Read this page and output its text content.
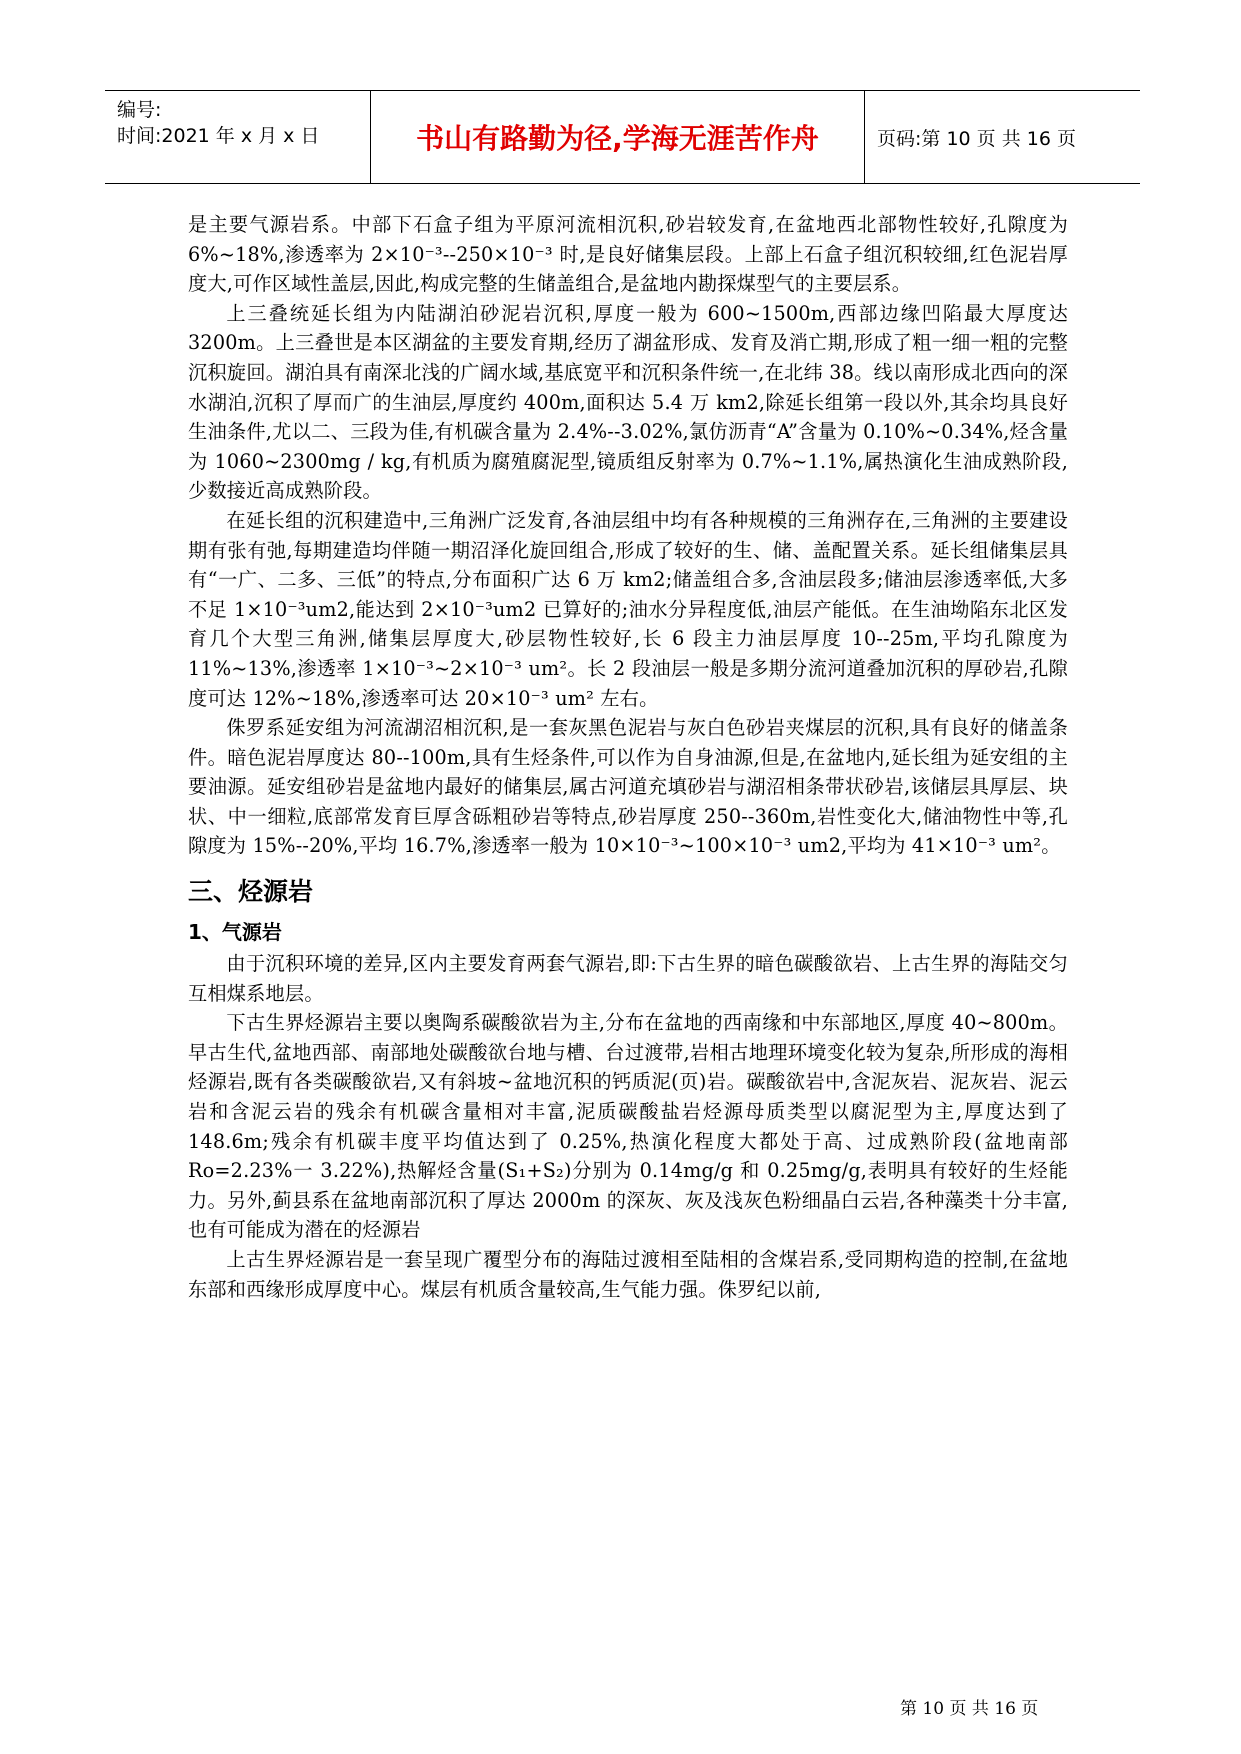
编号:
时间:2021 年 x 月 x 日	书山有路勤为径,学海无涯苦作舟	页码:第 10 页 共 16 页

是主要气源岩系。中部下石盒子组为平原河流相沉积,砂岩较发育,在盆地西北部物性较好,孔隙度为 6%~18%,渗透率为 2×10⁻³--250×10⁻³ 时,是良好储集层段。上部上石盒子组沉积较细,红色泥岩厚度大,可作区域性盖层,因此,构成完整的生储盖组合,是盆地内勘探煤型气的主要层系。

上三叠统延长组为内陆湖泊砂泥岩沉积,厚度一般为 600~1500m,西部边缘凹陷最大厚度达 3200m。上三叠世是本区湖盆的主要发育期,经历了湖盆形成、发育及消亡期,形成了粗一细一粗的完整沉积旋回。湖泊具有南深北浅的广阔水域,基底宽平和沉积条件统一,在北纬 38。线以南形成北西向的深水湖泊,沉积了厚而广的生油层,厚度约 400m,面积达 5.4 万 km2,除延长组第一段以外,其余均具良好生油条件,尤以二、三段为佳,有机碳含量为 2.4%--3.02%,氯仿沥青“A”含量为 0.10%~0.34%,烃含量为 1060~2300mg / kg,有机质为腐殖腐泥型,镜质组反射率为 0.7%~1.1%,属热演化生油成熟阶段,少数接近高成熟阶段。

在延长组的沉积建造中,三角洲广泛发育,各油层组中均有各种规模的三角洲存在,三角洲的主要建设期有张有弛,每期建造均伴随一期沼泽化旋回组合,形成了较好的生、储、盖配置关系。延长组储集层具有“一广、二多、三低”的特点,分布面积广达 6 万 km2;储盖组合多,含油层段多;储油层渗透率低,大多不足 1×10⁻³um2,能达到 2×10⁻³um2 已算好的;油水分异程度低,油层产能低。在生油坳陷东北区发育几个大型三角洲,储集层厚度大,砂层物性较好,长 6 段主力油层厚度 10--25m,平均孔隙度为 11%~13%,渗透率 1×10⁻³~2×10⁻³ um²。长 2 段油层一般是多期分流河道叠加沉积的厚砂岩,孔隙度可达 12%~18%,渗透率可达 20×10⁻³ um² 左右。

侏罗系延安组为河流湖沼相沉积,是一套灰黑色泥岩与灰白色砂岩夹煤层的沉积,具有良好的储盖条件。暗色泥岩厚度达 80--100m,具有生烃条件,可以作为自身油源,但是,在盆地内,延长组为延安组的主要油源。延安组砂岩是盆地内最好的储集层,属古河道充填砂岩与湖沼相条带状砂岩,该储层具厚层、块状、中一细粒,底部常发育巨厚含砾粗砂岩等特点,砂岩厚度 250--360m,岩性变化大,储油物性中等,孔隙度为 15%--20%,平均 16.7%,渗透率一般为 10×10⁻³~100×10⁻³ um2,平均为 41×10⁻³ um²。

三、烃源岩
1、气源岩

由于沉积环境的差异,区内主要发育两套气源岩,即:下古生界的暗色碳酸欲岩、上古生界的海陆交匀互相煤系地层。

下古生界烃源岩主要以奥陶系碳酸欲岩为主,分布在盆地的西南缘和中东部地区,厚度 40~800m。早古生代,盆地西部、南部地处碳酸欲台地与槽、台过渡带,岩相古地理环境变化较为复杂,所形成的海相烃源岩,既有各类碳酸欲岩,又有斜坡~盆地沉积的钙质泥(页)岩。碳酸欲岩中,含泥灰岩、泥灰岩、泥云岩和含泥云岩的残余有机碳含量相对丰富,泥质碳酸盐岩烃源母质类型以腐泥型为主,厚度达到了 148.6m;残余有机碳丰度平均值达到了 0.25%,热演化程度大都处于高、过成熟阶段(盆地南部 Ro=2.23%一 3.22%),热解烃含量(S₁+S₂)分别为 0.14mg/g 和 0.25mg/g,表明具有较好的生烃能力。另外,蓟县系在盆地南部沉积了厚达 2000m 的深灰、灰及浅灰色粉细晶白云岩,各种藻类十分丰富,也有可能成为潜在的烃源岩

上古生界烃源岩是一套呈现广覆型分布的海陆过渡相至陆相的含煤岩系,受同期构造的控制,在盆地东部和西缘形成厚度中心。煤层有机质含量较高,生气能力强。侏罗纪以前,

第 10 页 共 16 页
